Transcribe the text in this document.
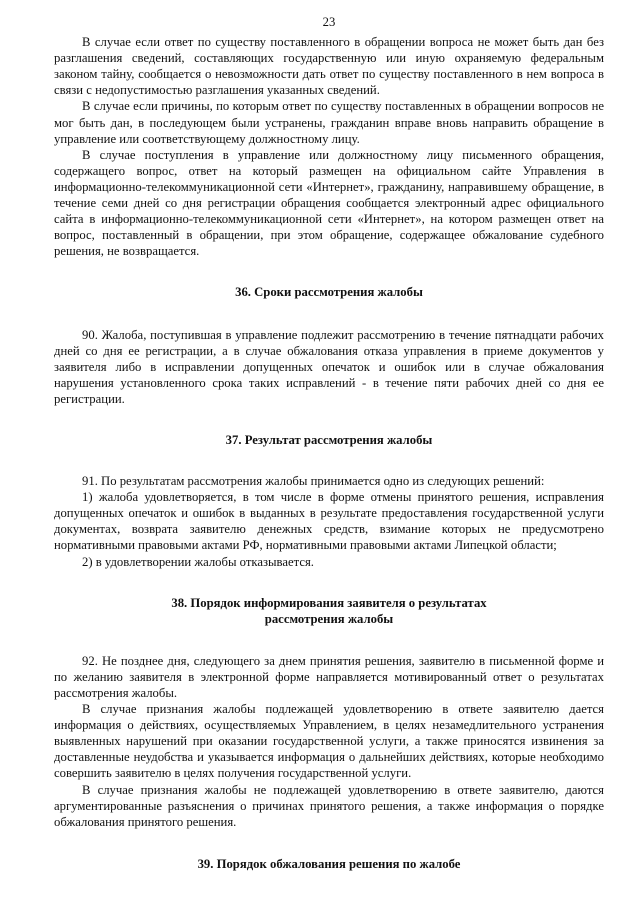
23

В случае если ответ по существу поставленного в обращении вопроса не может быть дан без разглашения сведений, составляющих государственную или иную охраняемую федеральным законом тайну, сообщается о невозможности дать ответ по существу поставленного в нем вопроса в связи с недопустимостью разглашения указанных сведений.

В случае если причины, по которым ответ по существу поставленных в обращении вопросов не мог быть дан, в последующем были устранены, гражданин вправе вновь направить обращение в управление или соответствующему должностному лицу.

В случае поступления в управление или должностному лицу письменного обращения, содержащего вопрос, ответ на который размещен на официальном сайте Управления в информационно-телекоммуникационной сети «Интернет», гражданину, направившему обращение, в течение семи дней со дня регистрации обращения сообщается электронный адрес официального сайта в информационно-телекоммуникационной сети «Интернет», на котором размещен ответ на вопрос, поставленный в обращении, при этом обращение, содержащее обжалование судебного решения, не возвращается.

36. Сроки рассмотрения жалобы

90. Жалоба, поступившая в управление подлежит рассмотрению в течение пятнадцати рабочих дней со дня ее регистрации, а в случае обжалования отказа управления в приеме документов у заявителя либо в исправлении допущенных опечаток и ошибок или в случае обжалования нарушения установленного срока таких исправлений - в течение пяти рабочих дней со дня ее регистрации.

37. Результат рассмотрения жалобы

91. По результатам рассмотрения жалобы принимается одно из следующих решений:

1) жалоба удовлетворяется, в том числе в форме отмены принятого решения, исправления допущенных опечаток и ошибок в выданных в результате предоставления государственной услуги документах, возврата заявителю денежных средств, взимание которых не предусмотрено нормативными правовыми актами РФ, нормативными правовыми актами Липецкой области;

2) в удовлетворении жалобы отказывается.

38. Порядок информирования заявителя о результатах
рассмотрения жалобы

92. Не позднее дня, следующего за днем принятия решения, заявителю в письменной форме и по желанию заявителя в электронной форме направляется мотивированный ответ о результатах рассмотрения жалобы.

В случае признания жалобы подлежащей удовлетворению в ответе заявителю дается информация о действиях, осуществляемых Управлением, в целях незамедлительного устранения выявленных нарушений при оказании государственной услуги, а также приносятся извинения за доставленные неудобства и указывается информация о дальнейших действиях, которые необходимо совершить заявителю в целях получения государственной услуги.

В случае признания жалобы не подлежащей удовлетворению в ответе заявителю, даются аргументированные разъяснения о причинах принятого решения, а также информация о порядке обжалования принятого решения.

39. Порядок обжалования решения по жалобе
